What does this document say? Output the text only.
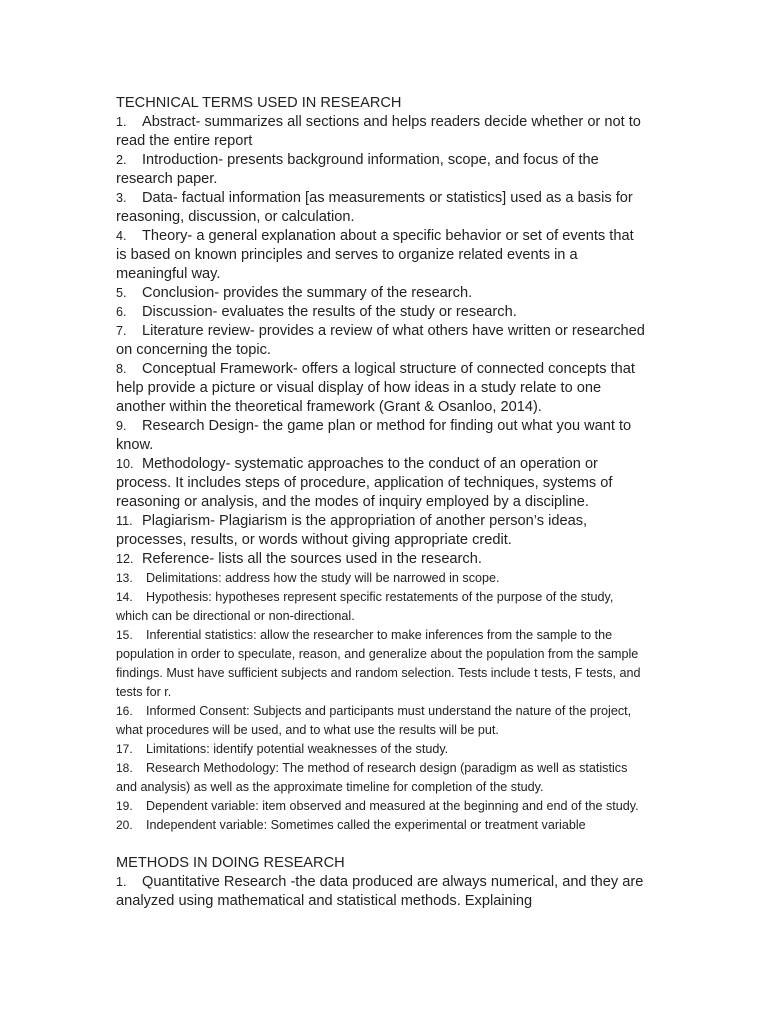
TECHNICAL TERMS USED IN RESEARCH
1. Abstract- summarizes all sections and helps readers decide whether or not to read the entire report
2. Introduction- presents background information, scope, and focus of the research paper.
3. Data- factual information [as measurements or statistics] used as a basis for reasoning, discussion, or calculation.
4. Theory- a general explanation about a specific behavior or set of events that is based on known principles and serves to organize related events in a meaningful way.
5. Conclusion- provides the summary of the research.
6. Discussion- evaluates the results of the study or research.
7. Literature review- provides a review of what others have written or researched on concerning the topic.
8. Conceptual Framework- offers a logical structure of connected concepts that help provide a picture or visual display of how ideas in a study relate to one another within the theoretical framework (Grant & Osanloo, 2014).
9. Research Design- the game plan or method for finding out what you want to know.
10. Methodology- systematic approaches to the conduct of an operation or process. It includes steps of procedure, application of techniques, systems of reasoning or analysis, and the modes of inquiry employed by a discipline.
11. Plagiarism- Plagiarism is the appropriation of another person’s ideas, processes, results, or words without giving appropriate credit.
12. Reference- lists all the sources used in the research.
13. Delimitations: address how the study will be narrowed in scope.
14. Hypothesis: hypotheses represent specific restatements of the purpose of the study, which can be directional or non-directional.
15. Inferential statistics: allow the researcher to make inferences from the sample to the population in order to speculate, reason, and generalize about the population from the sample findings. Must have sufficient subjects and random selection. Tests include t tests, F tests, and tests for r.
16. Informed Consent: Subjects and participants must understand the nature of the project, what procedures will be used, and to what use the results will be put.
17. Limitations: identify potential weaknesses of the study.
18. Research Methodology: The method of research design (paradigm as well as statistics and analysis) as well as the approximate timeline for completion of the study.
19. Dependent variable: item observed and measured at the beginning and end of the study.
20. Independent variable: Sometimes called the experimental or treatment variable
METHODS IN DOING RESEARCH
1. Quantitative Research -the data produced are always numerical, and they are analyzed using mathematical and statistical methods. Explaining
